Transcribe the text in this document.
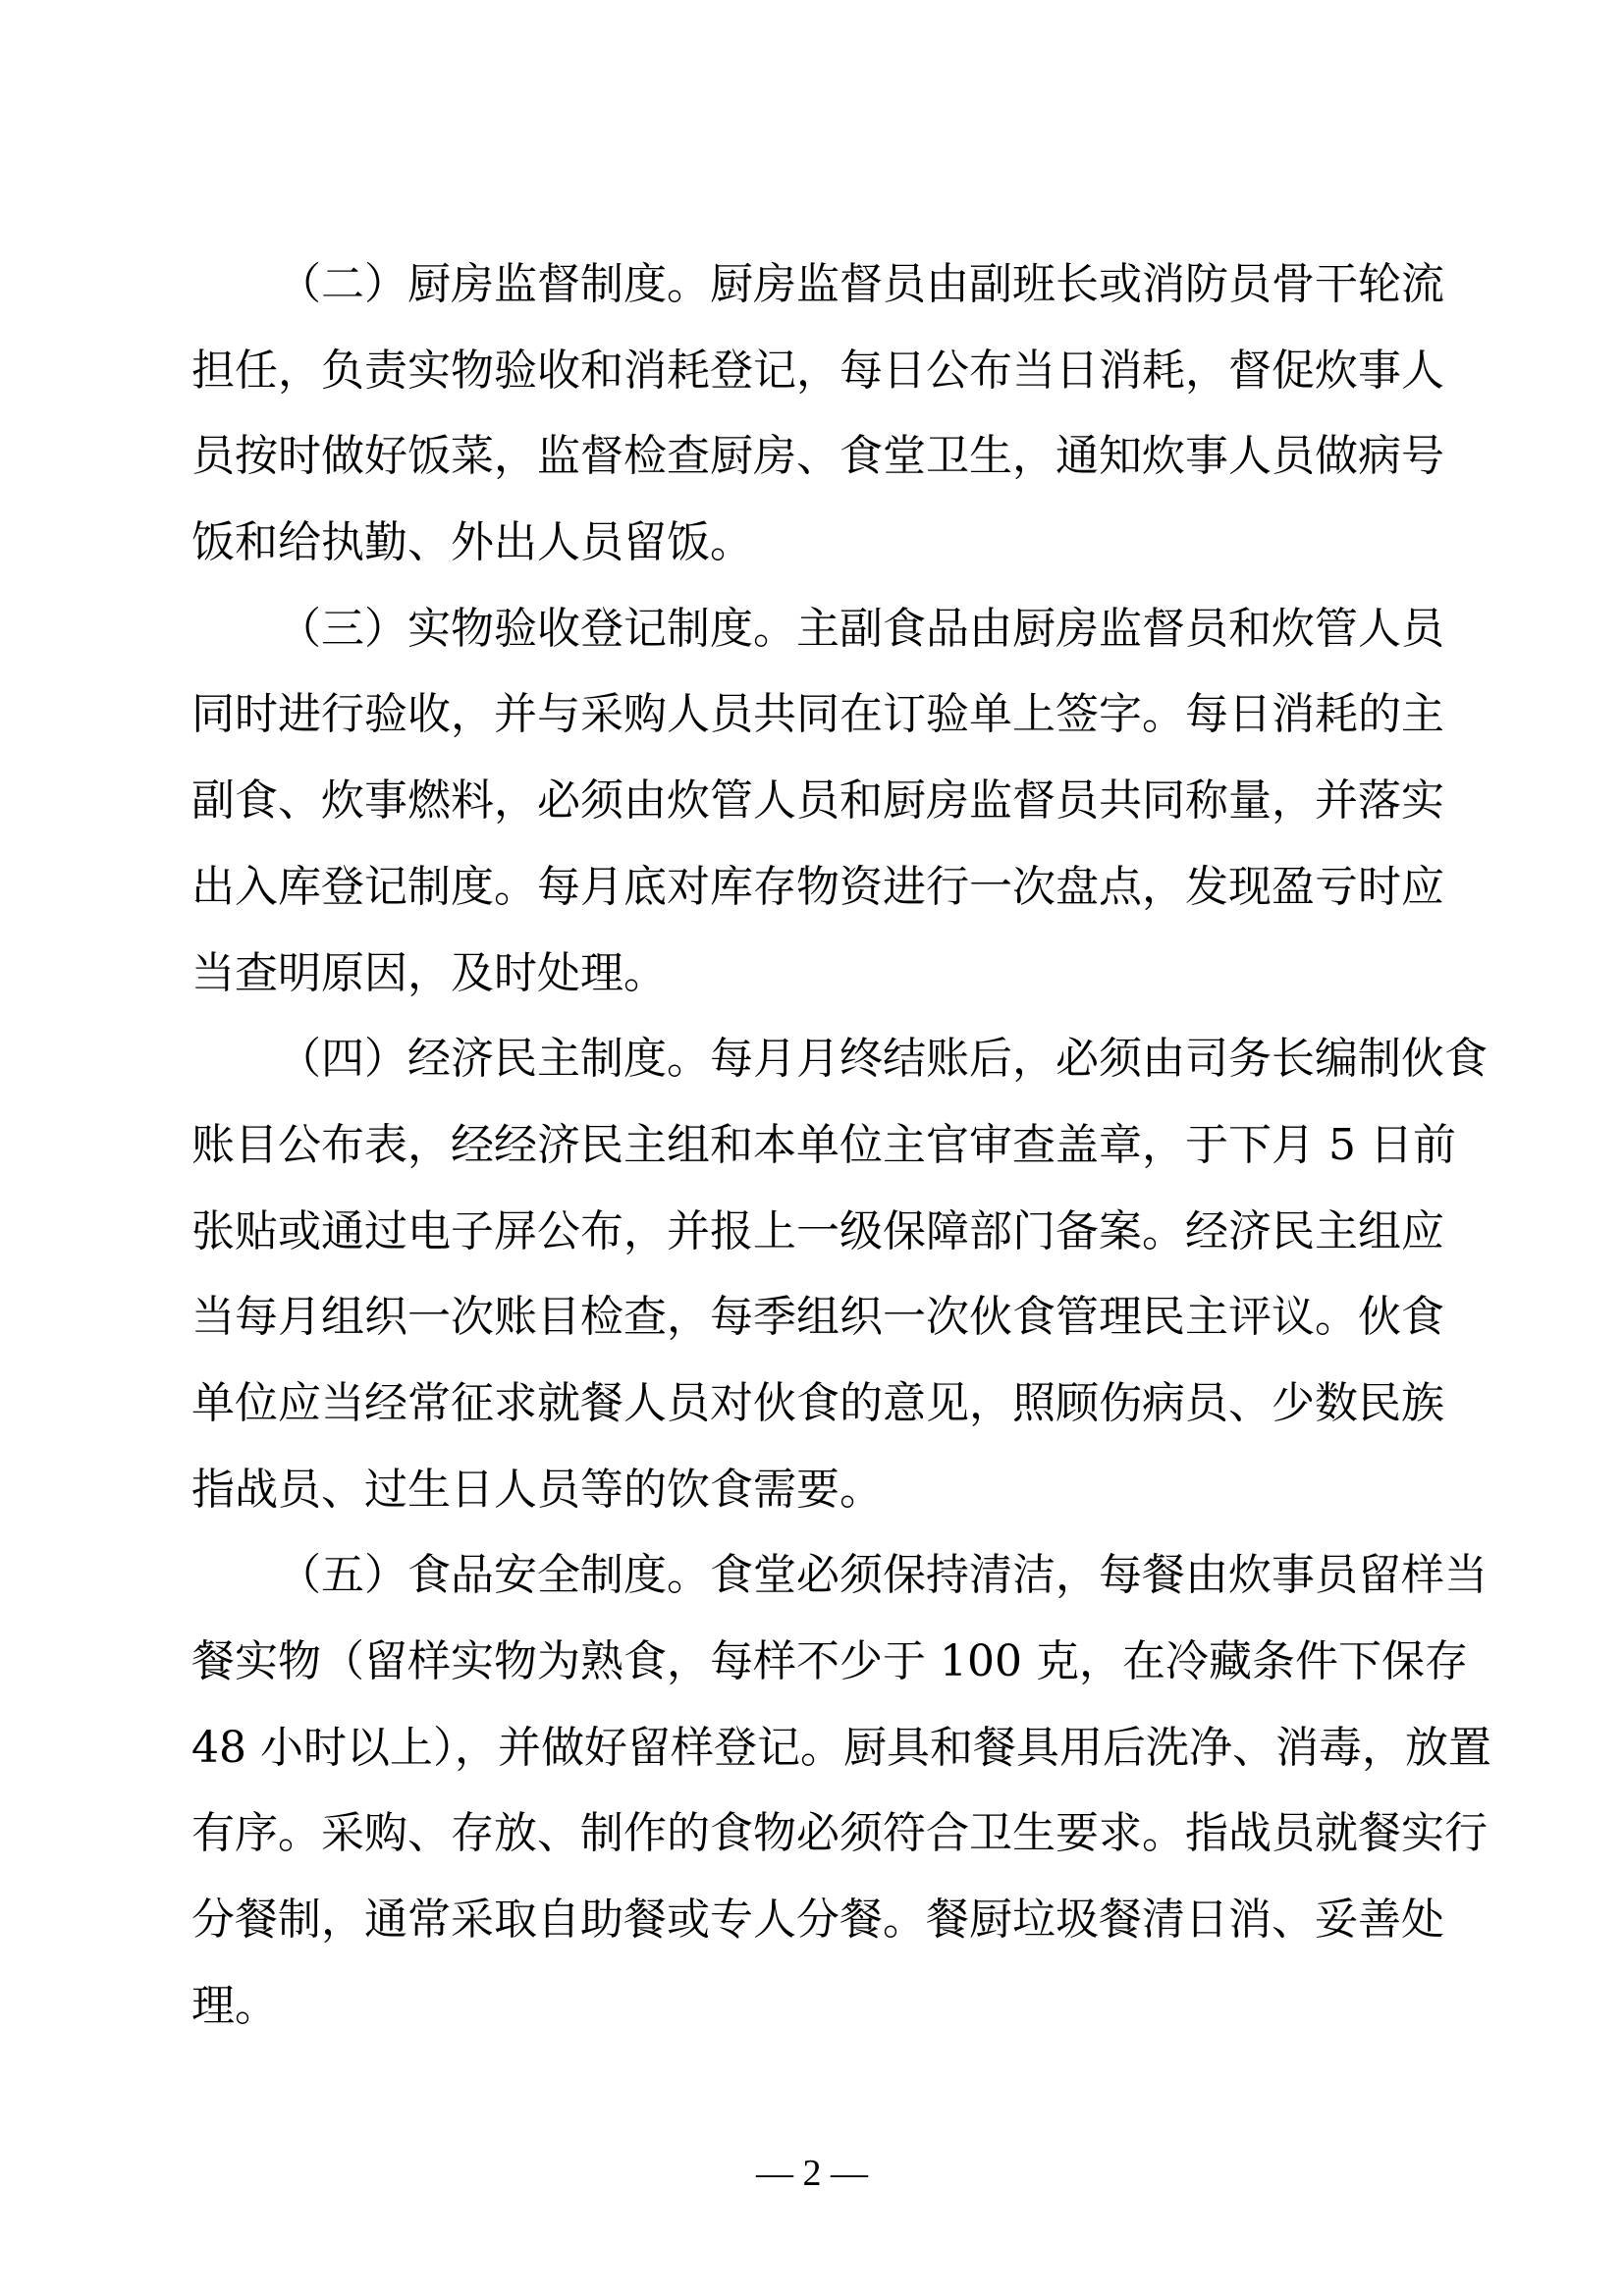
（二）厨房监督制度。厨房监督员由副班长或消防员骨干轮流
担任，负责实物验收和消耗登记，每日公布当日消耗，督促炊事人
员按时做好饭菜，监督检查厨房、食堂卫生，通知炊事人员做病号
饭和给执勤、外出人员留饭。
（三）实物验收登记制度。主副食品由厨房监督员和炊管人员
同时进行验收，并与采购人员共同在订验单上签字。每日消耗的主
副食、炊事燃料，必须由炊管人员和厨房监督员共同称量，并落实
出入库登记制度。每月底对库存物资进行一次盘点，发现盈亏时应
当查明原因，及时处理。
（四）经济民主制度。每月月终结账后，必须由司务长编制伙食
账目公布表，经经济民主组和本单位主官审查盖章，于下月 5 日前
张贴或通过电子屏公布，并报上一级保障部门备案。经济民主组应
当每月组织一次账目检查，每季组织一次伙食管理民主评议。伙食
单位应当经常征求就餐人员对伙食的意见，照顾伤病员、少数民族
指战员、过生日人员等的饮食需要。
（五）食品安全制度。食堂必须保持清洁，每餐由炊事员留样当
餐实物（留样实物为熟食，每样不少于 100 克，在冷藏条件下保存
48 小时以上），并做好留样登记。厨具和餐具用后洗净、消毒，放置
有序。采购、存放、制作的食物必须符合卫生要求。指战员就餐实行
分餐制，通常采取自助餐或专人分餐。餐厨垃圾餐清日消、妥善处
理。
— 2 —
